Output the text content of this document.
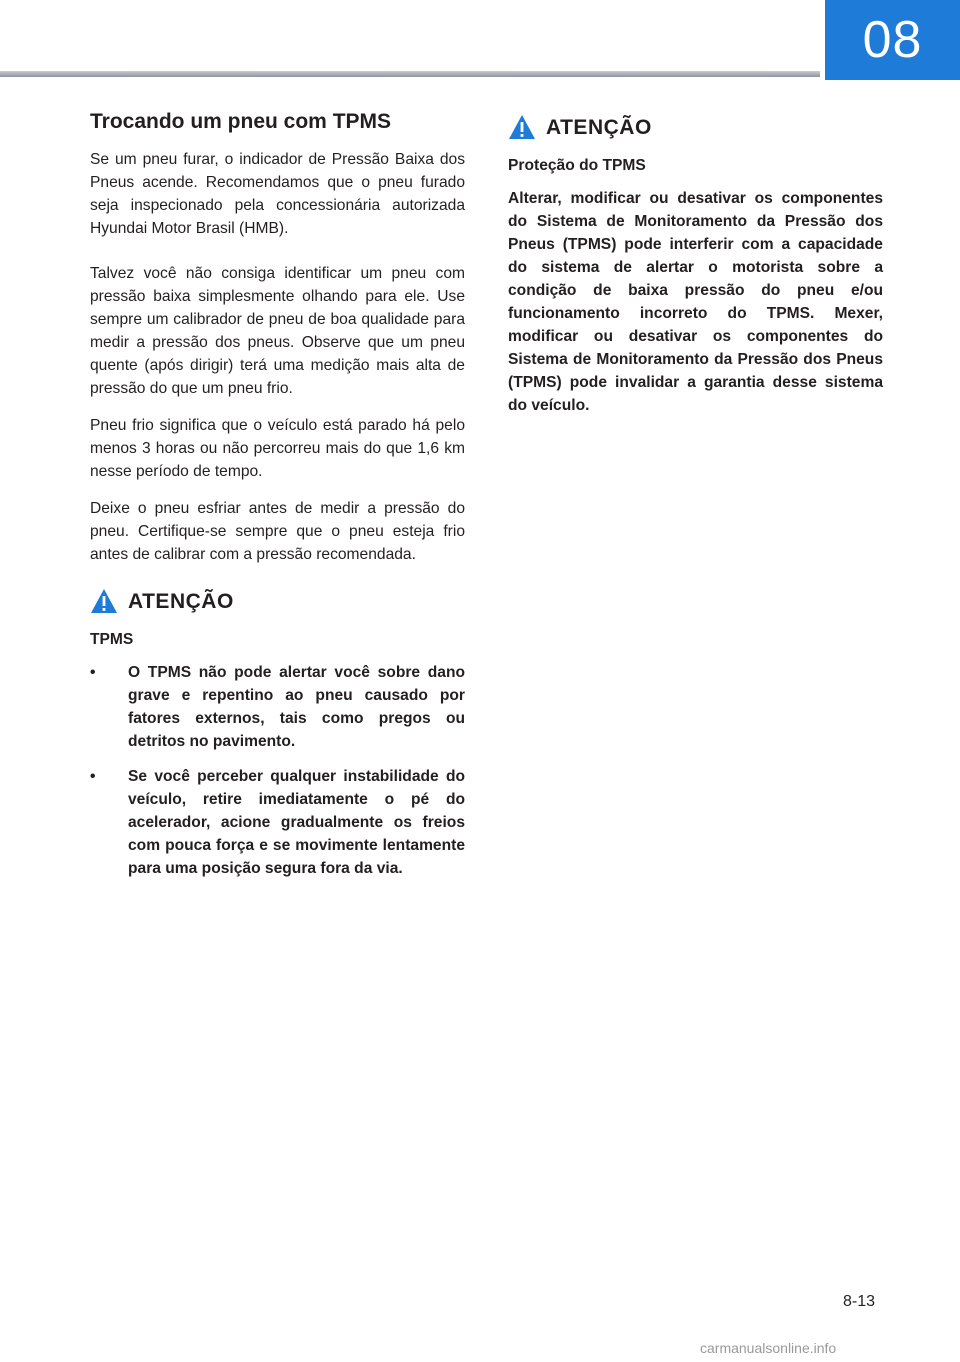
08
Trocando um pneu com TPMS

Se um pneu furar, o indicador de Pressão Baixa dos Pneus acende. Recomendamos que o pneu furado seja inspecionado pela concessionária autorizada Hyundai Motor Brasil (HMB).

Talvez você não consiga identificar um pneu com pressão baixa simplesmente olhando para ele. Use sempre um calibrador de pneu de boa qualidade para medir a pressão dos pneus. Observe que um pneu quente (após dirigir) terá uma medição mais alta de pressão do que um pneu frio.

Pneu frio significa que o veículo está parado há pelo menos 3 horas ou não percorreu mais do que 1,6 km nesse período de tempo.

Deixe o pneu esfriar antes de medir a pressão do pneu. Certifique-se sempre que o pneu esteja frio antes de calibrar com a pressão recomendada.

ATENÇÃO

TPMS

• O TPMS não pode alertar você sobre dano grave e repentino ao pneu causado por fatores externos, tais como pregos ou detritos no pavimento.
• Se você perceber qualquer instabilidade do veículo, retire imediatamente o pé do acelerador, acione gradualmente os freios com pouca força e se movimente lentamente para uma posição segura fora da via.
ATENÇÃO

Proteção do TPMS

Alterar, modificar ou desativar os componentes do Sistema de Monitoramento da Pressão dos Pneus (TPMS) pode interferir com a capacidade do sistema de alertar o motorista sobre a condição de baixa pressão do pneu e/ou funcionamento incorreto do TPMS. Mexer, modificar ou desativar os componentes do Sistema de Monitoramento da Pressão dos Pneus (TPMS) pode invalidar a garantia desse sistema do veículo.

8-13
carmanualsonline.info
